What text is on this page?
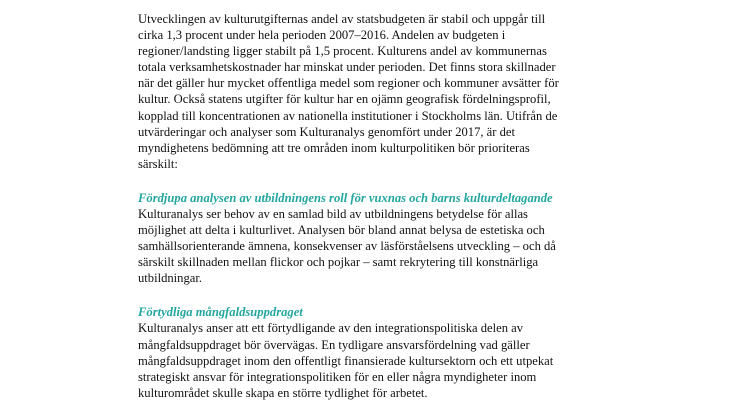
Utvecklingen av kulturutgifternas andel av statsbudgeten är stabil och uppgår till
cirka 1,3 procent under hela perioden 2007–2016. Andelen av budgeten i
regioner/landsting ligger stabilt på 1,5 procent. Kulturens andel av kommunernas
totala verksamhetskostnader har minskat under perioden. Det finns stora skillnader
när det gäller hur mycket offentliga medel som regioner och kommuner avsätter för
kultur. Också statens utgifter för kultur har en ojämn geografisk fördelningsprofil,
kopplad till koncentrationen av nationella institutioner i Stockholms län. Utifrån de
utvärderingar och analyser som Kulturanalys genomfört under 2017, är det
myndighetens bedömning att tre områden inom kulturpolitiken bör prioriteras
särskilt:

Fördjupa analysen av utbildningens roll för vuxnas och barns kulturdeltagande

Kulturanalys ser behov av en samlad bild av utbildningens betydelse för allas
möjlighet att delta i kulturlivet. Analysen bör bland annat belysa de estetiska och
samhällsorienterande ämnena, konsekvenser av läsförståelsens utveckling – och då
särskilt skillnaden mellan flickor och pojkar – samt rekrytering till konstnärliga
utbildningar.

Förtydliga mångfaldsuppdraget

Kulturanalys anser att ett förtydligande av den integrationspolitiska delen av
mångfaldsuppdraget bör övervägas. En tydligare ansvarsfördelning vad gäller
mångfaldsuppdraget inom den offentligt finansierade kultursektorn och ett utpekat
strategiskt ansvar för integrationspolitiken för en eller några myndigheter inom
kulturområdet skulle skapa en större tydlighet för arbetet.
